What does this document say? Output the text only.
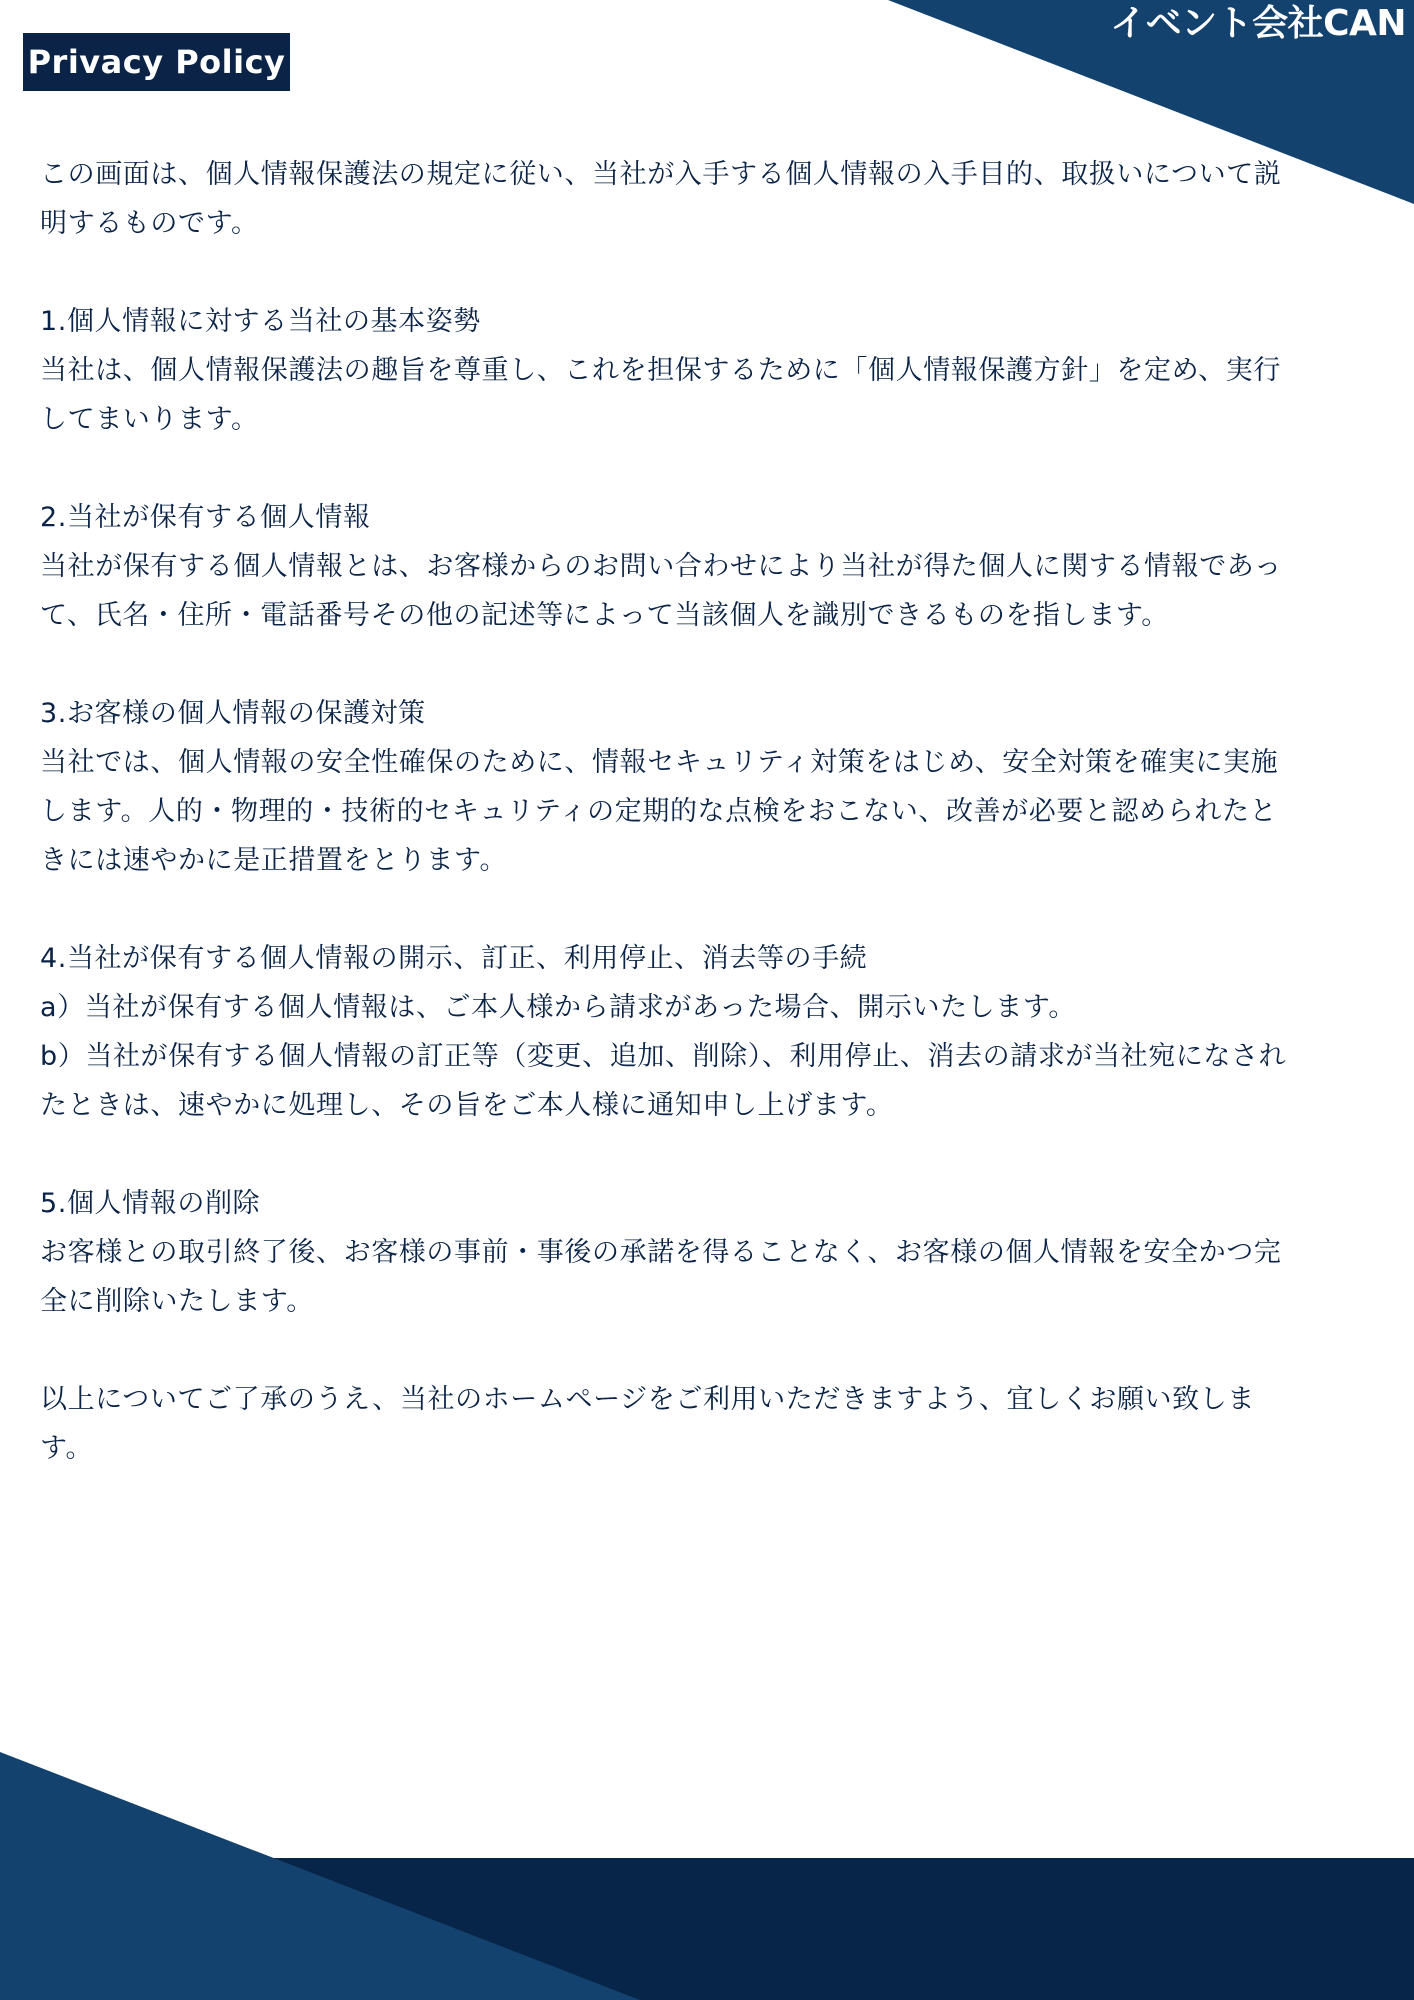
イベント会社CAN
Privacy Policy

この画面は、個人情報保護法の規定に従い、当社が入手する個人情報の入手目的、取扱いについて説明するものです。

1.個人情報に対する当社の基本姿勢
当社は、個人情報保護法の趣旨を尊重し、これを担保するために「個人情報保護方針」を定め、実行してまいります。

2.当社が保有する個人情報
当社が保有する個人情報とは、お客様からのお問い合わせにより当社が得た個人に関する情報であって、氏名・住所・電話番号その他の記述等によって当該個人を識別できるものを指します。

3.お客様の個人情報の保護対策
当社では、個人情報の安全性確保のために、情報セキュリティ対策をはじめ、安全対策を確実に実施します。人的・物理的・技術的セキュリティの定期的な点検をおこない、改善が必要と認められたときには速やかに是正措置をとります。

4.当社が保有する個人情報の開示、訂正、利用停止、消去等の手続
a）当社が保有する個人情報は、ご本人様から請求があった場合、開示いたします。
b）当社が保有する個人情報の訂正等（変更、追加、削除）、利用停止、消去の請求が当社宛になされたときは、速やかに処理し、その旨をご本人様に通知申し上げます。

5.個人情報の削除
お客様との取引終了後、お客様の事前・事後の承諾を得ることなく、お客様の個人情報を安全かつ完全に削除いたします。

以上についてご了承のうえ、当社のホームページをご利用いただきますよう、宜しくお願い致します。
